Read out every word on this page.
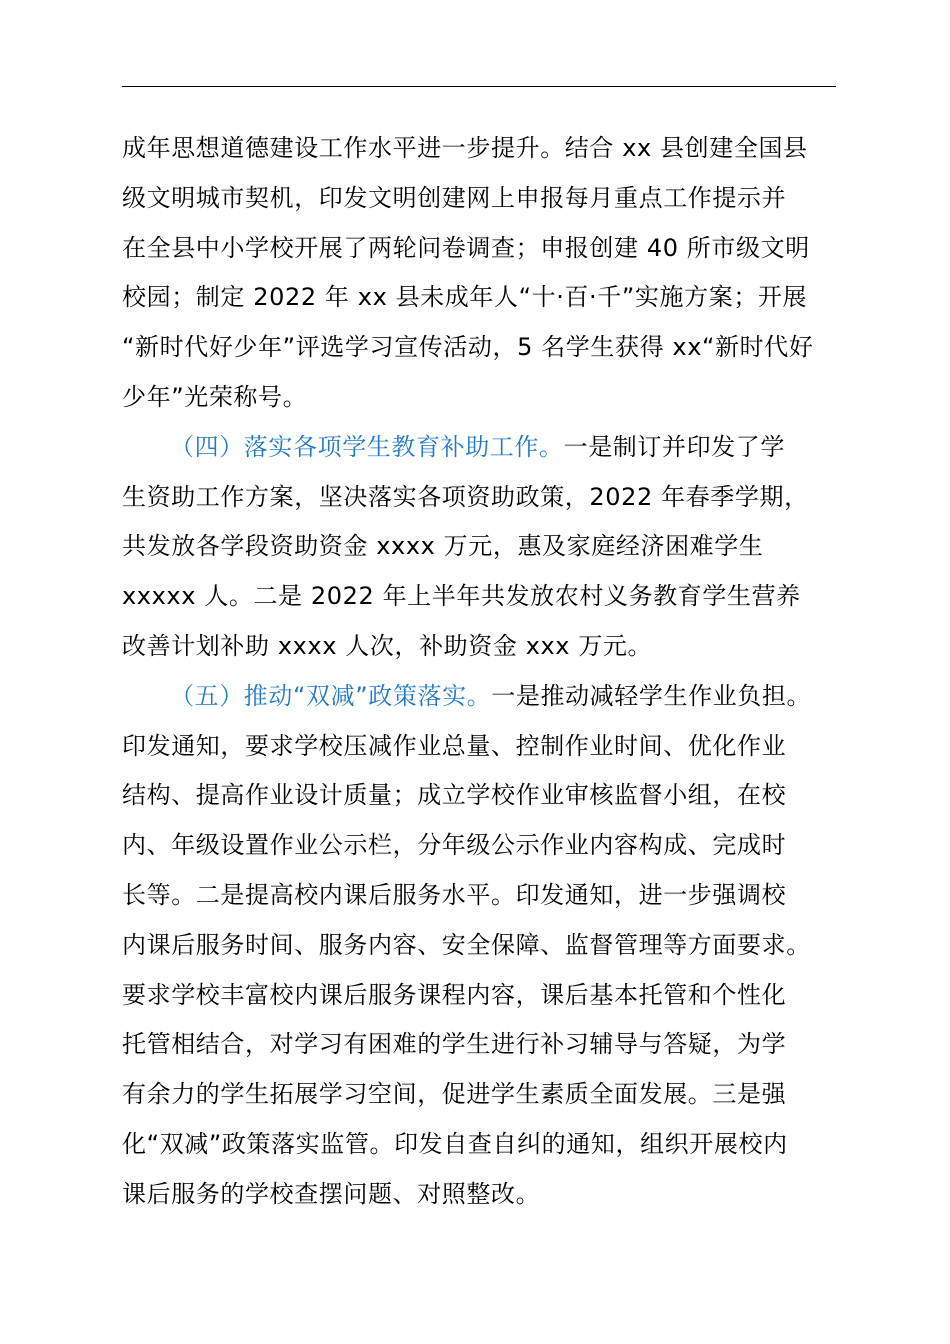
成年思想道德建设工作水平进一步提升。结合 xx 县创建全国县
级文明城市契机，印发文明创建网上申报每月重点工作提示并
在全县中小学校开展了两轮问卷调查；申报创建 40 所市级文明
校园；制定 2022 年 xx 县未成年人“十·百·千”实施方案；开展
“新时代好少年”评选学习宣传活动，5 名学生获得 xx“新时代好
少年”光荣称号。
（四）落实各项学生教育补助工作。一是制订并印发了学
生资助工作方案，坚决落实各项资助政策，2022 年春季学期，
共发放各学段资助资金 xxxx 万元，惠及家庭经济困难学生
xxxxx 人。二是 2022 年上半年共发放农村义务教育学生营养
改善计划补助 xxxx 人次，补助资金 xxx 万元。
（五）推动“双减”政策落实。一是推动减轻学生作业负担。
印发通知，要求学校压减作业总量、控制作业时间、优化作业
结构、提高作业设计质量；成立学校作业审核监督小组，在校
内、年级设置作业公示栏，分年级公示作业内容构成、完成时
长等。二是提高校内课后服务水平。印发通知，进一步强调校
内课后服务时间、服务内容、安全保障、监督管理等方面要求。
要求学校丰富校内课后服务课程内容，课后基本托管和个性化
托管相结合，对学习有困难的学生进行补习辅导与答疑，为学
有余力的学生拓展学习空间，促进学生素质全面发展。三是强
化“双减”政策落实监管。印发自查自纠的通知，组织开展校内
课后服务的学校查摆问题、对照整改。
